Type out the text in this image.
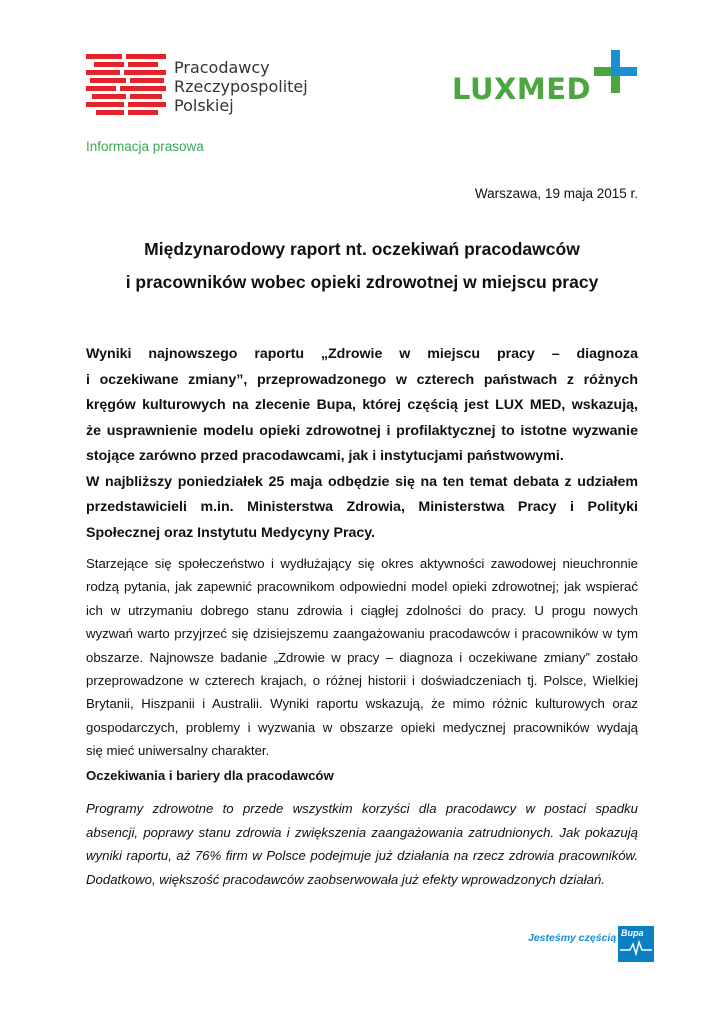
Pracodawcy
Rzeczypospolitej
Polskiej	LUXMED
Informacja prasowa
Warszawa, 19 maja 2015 r.
Międzynarodowy raport nt. oczekiwań pracodawców
i pracowników wobec opieki zdrowotnej w miejscu pracy
Wyniki najnowszego raportu „Zdrowie w miejscu pracy – diagnoza
i oczekiwane zmiany”, przeprowadzonego w czterech państwach z różnych
kręgów kulturowych na zlecenie Bupa, której częścią jest LUX MED, wskazują,
że usprawnienie modelu opieki zdrowotnej i profilaktycznej to istotne wyzwanie
stojące zarówno przed pracodawcami, jak i instytucjami państwowymi.
W najbliższy poniedziałek 25 maja odbędzie się na ten temat debata z udziałem
przedstawicieli m.in. Ministerstwa Zdrowia, Ministerstwa Pracy i Polityki
Społecznej oraz Instytutu Medycyny Pracy.
Starzejące się społeczeństwo i wydłużający się okres aktywności zawodowej nieuchronnie
rodzą pytania, jak zapewnić pracownikom odpowiedni model opieki zdrowotnej; jak wspierać
ich w utrzymaniu dobrego stanu zdrowia i ciągłej zdolności do pracy. U progu nowych
wyzwań warto przyjrzeć się dzisiejszemu zaangażowaniu pracodawców i pracowników w tym
obszarze. Najnowsze badanie „Zdrowie w pracy – diagnoza i oczekiwane zmiany” zostało
przeprowadzone w czterech krajach, o różnej historii i doświadczeniach tj. Polsce, Wielkiej
Brytanii, Hiszpanii i Australii. Wyniki raportu wskazują, że mimo różnic kulturowych oraz
gospodarczych, problemy i wyzwania w obszarze opieki medycznej pracowników wydają
się mieć uniwersalny charakter.
Oczekiwania i bariery dla pracodawców
Programy zdrowotne to przede wszystkim korzyści dla pracodawcy w postaci spadku
absencji, poprawy stanu zdrowia i zwiększenia zaangażowania zatrudnionych. Jak pokazują
wyniki raportu, aż 76% firm w Polsce podejmuje już działania na rzecz zdrowia pracowników.
Dodatkowo, większość pracodawców zaobserwowała już efekty wprowadzonych działań.
Jesteśmy częścią Bupa
